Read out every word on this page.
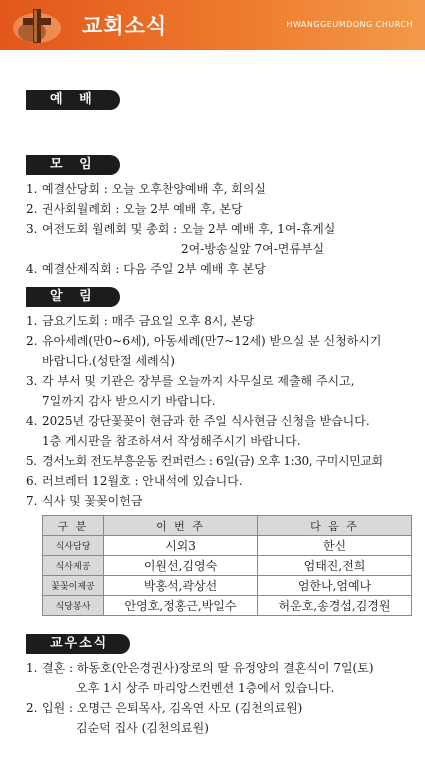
교회소식	HWANGGEUMDONG CHURCH
예 배
모 임
1. 예결산당회 : 오늘 오후찬양예배 후, 회의실
2. 권사회월례회 : 오늘 2부 예배 후, 본당
3. 여전도회 월례회 및 총회 : 오늘 2부 예배 후, 1여-휴게실
2여-방송실앞 7여-면류부실
4. 예결산제직회 : 다음 주일 2부 예배 후 본당
알 림
1. 금요기도회 : 매주 금요일 오후 8시, 본당
2. 유아세례(만0~6세), 아동세례(만7~12세) 받으실 분 신청하시기
바랍니다.(성탄절 세례식)
3. 각 부서 및 기관은 장부를 오늘까지 사무실로 제출해 주시고,
7일까지 감사 받으시기 바랍니다.
4. 2025년 강단꽃꽂이 현금과 한 주일 식사현금 신청을 받습니다.
1층 게시판을 참조하셔서 작성해주시기 바랍니다.
5. 경서노회 전도부흥운동 컨퍼런스 : 6일(금) 오후 1:30, 구미시민교회
6. 러브레터 12월호 : 안내석에 있습니다.
7. 식사 및 꽃꽂이헌금
구 분	이 번 주	다 음 주
식사담당	시외3	한신
식사제공	이원선,김영숙	엄태진,전희
꽃꽂이제공	박홍석,곽상선	엄한나,엄예나
식당봉사	안영호,정홍근,박일수	허운호,송경섭,김경원
교우소식
1. 결혼 : 하동호(안은경권사)장로의 딸 유정양의 결혼식이 7일(토)
오후 1시 상주 마리앙스컨벤션 1층에서 있습니다.
2. 입원 : 오명근 은퇴목사, 김옥연 사모 (김천의료원)
김순덕 집사 (김천의료원)
